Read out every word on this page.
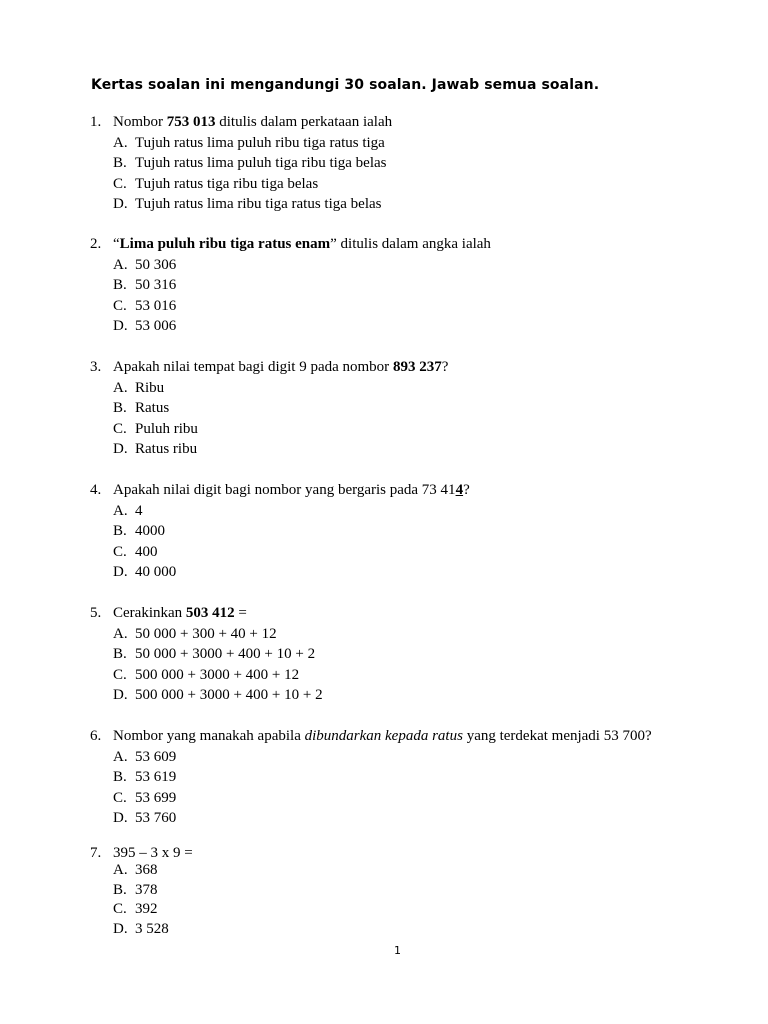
Kertas soalan ini mengandungi 30 soalan. Jawab semua soalan.
1. Nombor 753 013 ditulis dalam perkataan ialah
A. Tujuh ratus lima puluh ribu tiga ratus tiga
B. Tujuh ratus lima puluh tiga ribu tiga belas
C. Tujuh ratus tiga ribu tiga belas
D. Tujuh ratus lima ribu tiga ratus tiga belas
2. “Lima puluh ribu tiga ratus enam” ditulis dalam angka ialah
A. 50 306
B. 50 316
C. 53 016
D. 53 006
3. Apakah nilai tempat bagi digit 9 pada nombor 893 237?
A. Ribu
B. Ratus
C. Puluh ribu
D. Ratus ribu
4. Apakah nilai digit bagi nombor yang bergaris pada 73 414?
A. 4
B. 4000
C. 400
D. 40 000
5. Cerakinkan 503 412 =
A. 50 000 + 300 + 40 + 12
B. 50 000 + 3000 + 400 + 10 + 2
C. 500 000 + 3000 + 400 + 12
D. 500 000 + 3000 + 400 + 10 + 2
6. Nombor yang manakah apabila dibundarkan kepada ratus yang terdekat menjadi 53 700?
A. 53 609
B. 53 619
C. 53 699
D. 53 760
7. 395 – 3 x 9 =
A. 368
B. 378
C. 392
D. 3 528
1
